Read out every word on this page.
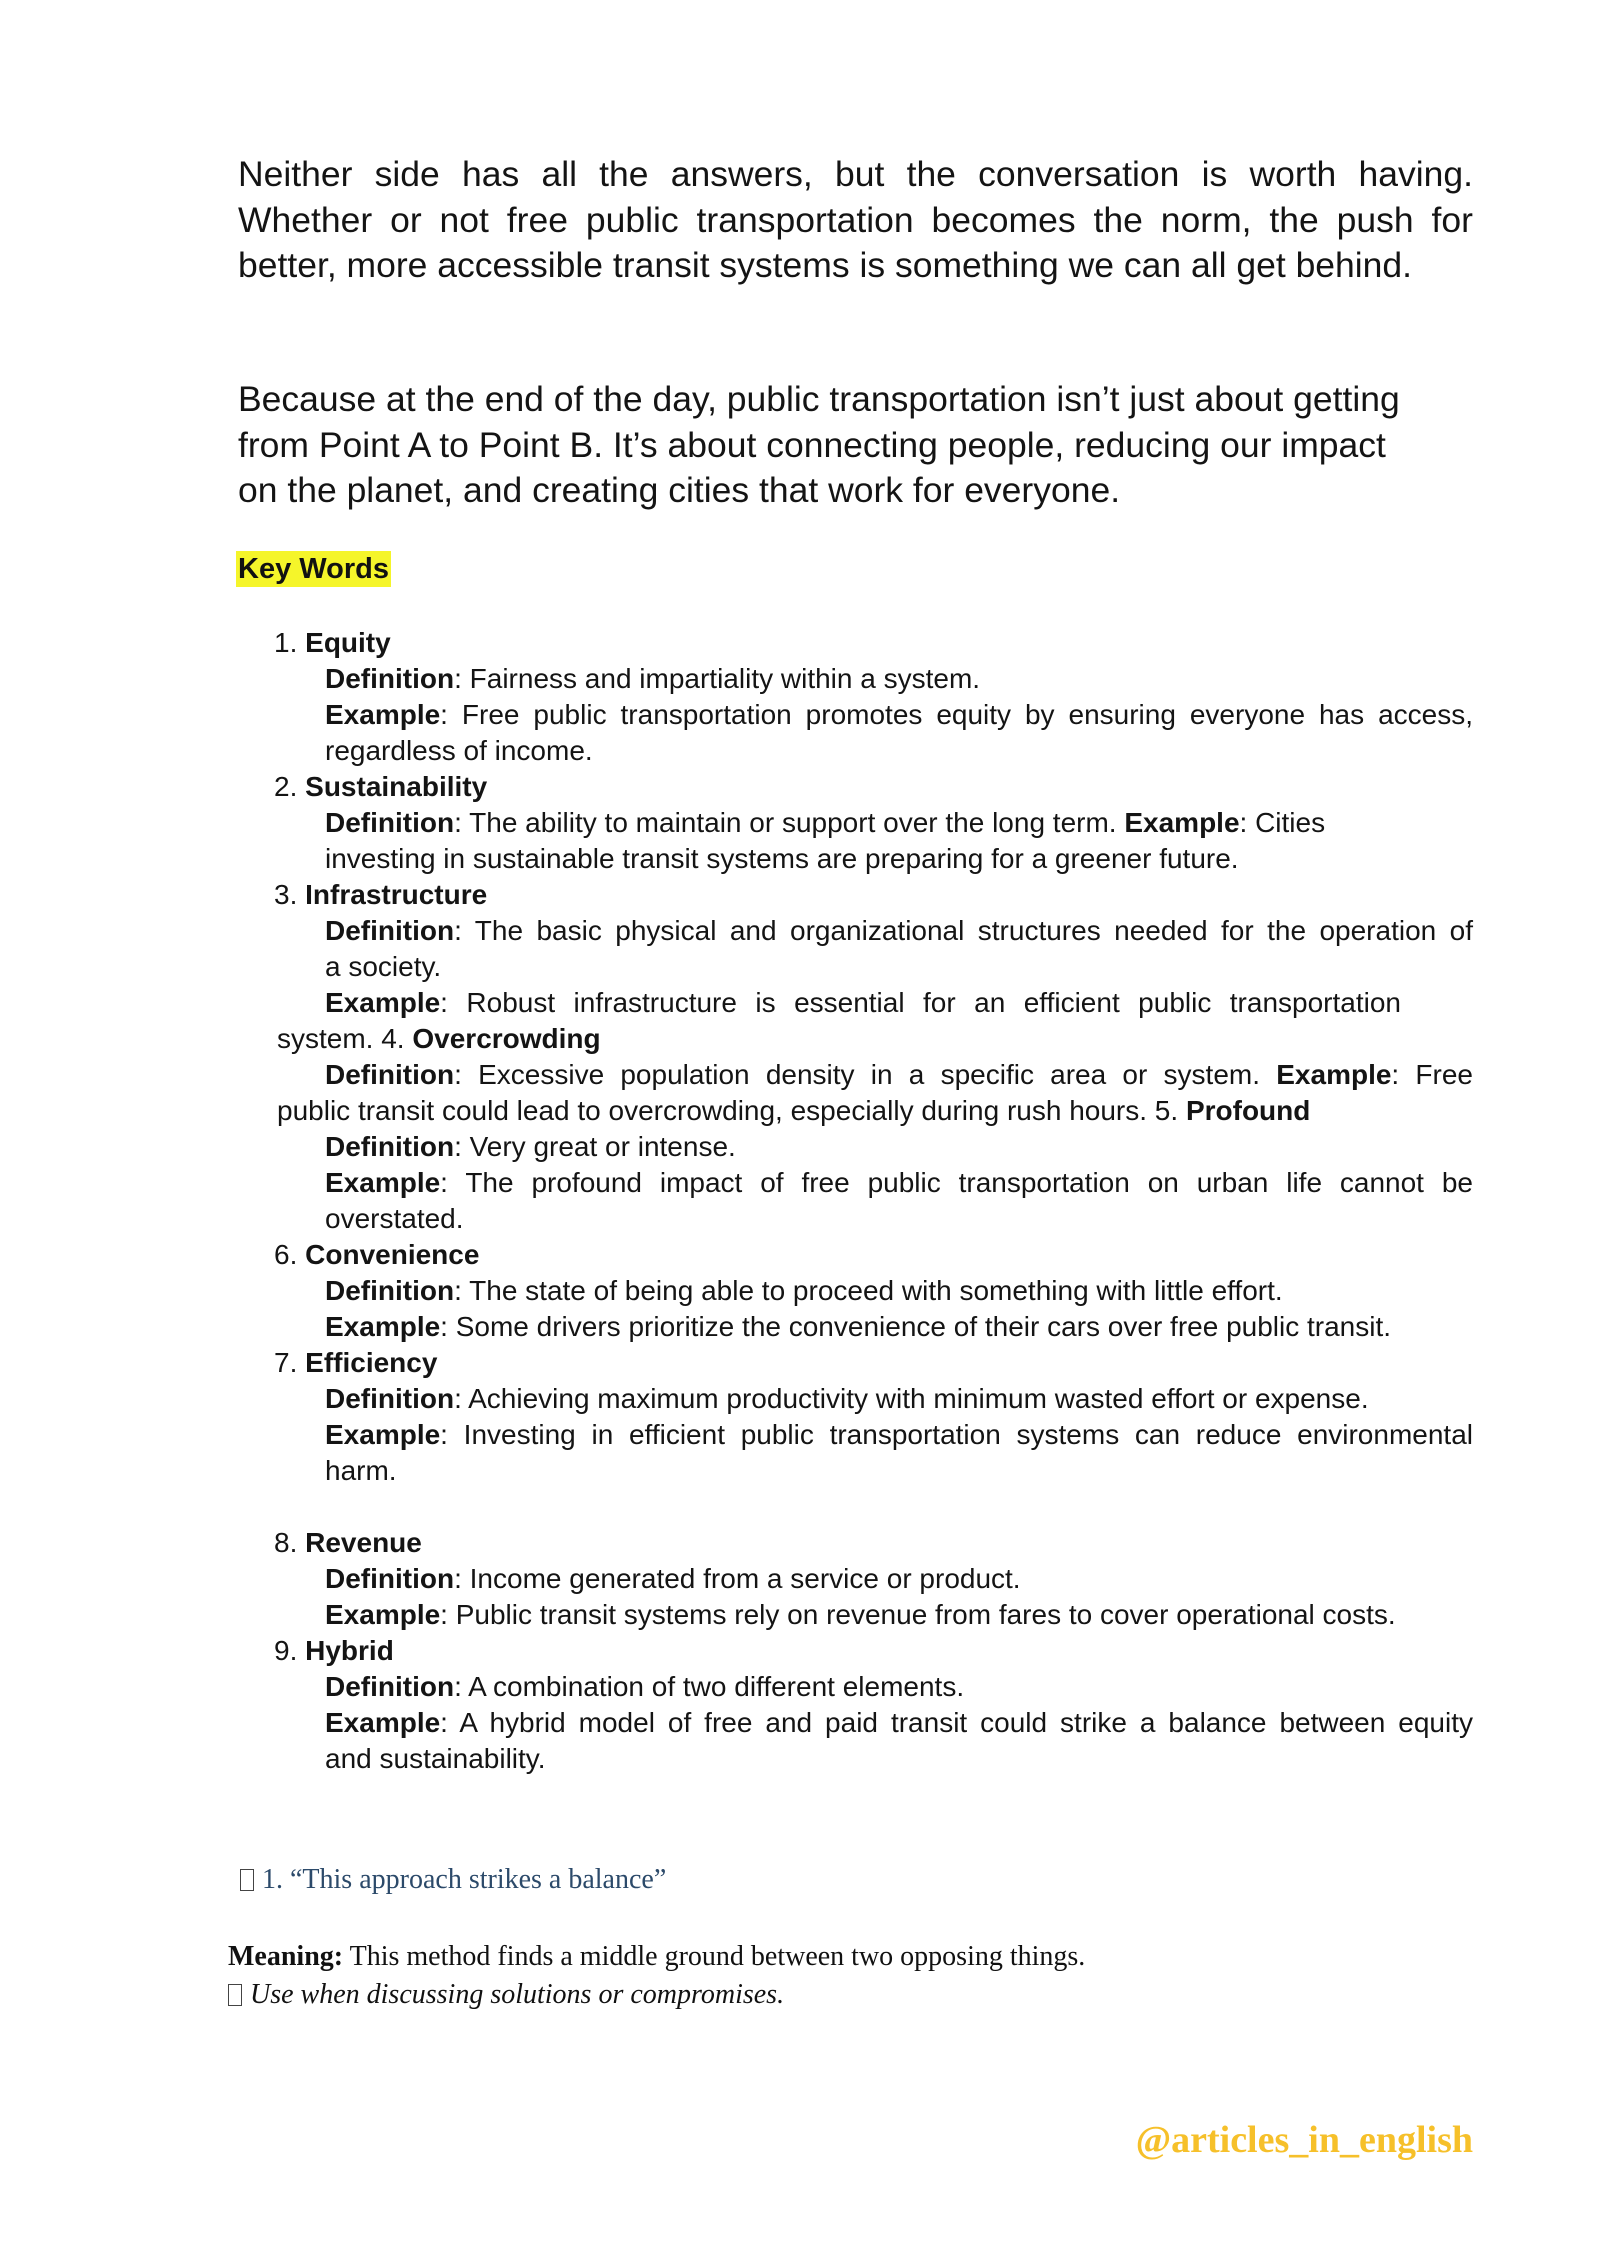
Neither side has all the answers, but the conversation is worth having. Whether or not free public transportation becomes the norm, the push for better, more accessible transit systems is something we can all get behind.

Because at the end of the day, public transportation isn’t just about getting
from Point A to Point B. It’s about connecting people, reducing our impact
on the planet, and creating cities that work for everyone.
Key Words
1. Equity
Definition: Fairness and impartiality within a system.
Example: Free public transportation promotes equity by ensuring everyone has access,
regardless of income.
2. Sustainability
Definition: The ability to maintain or support over the long term. Example: Cities
investing in sustainable transit systems are preparing for a greener future.
3. Infrastructure
Definition: The basic physical and organizational structures needed for the operation of
a society.
Example: Robust infrastructure is essential for an efficient public transportation
system. 4. Overcrowding
Definition: Excessive population density in a specific area or system. Example: Free
public transit could lead to overcrowding, especially during rush hours. 5. Profound
Definition: Very great or intense.
Example: The profound impact of free public transportation on urban life cannot be
overstated.
6. Convenience
Definition: The state of being able to proceed with something with little effort.
Example: Some drivers prioritize the convenience of their cars over free public transit.
7. Efficiency
Definition: Achieving maximum productivity with minimum wasted effort or expense.
Example: Investing in efficient public transportation systems can reduce environmental
harm.
8. Revenue
Definition: Income generated from a service or product.
Example: Public transit systems rely on revenue from fares to cover operational costs.
9. Hybrid
Definition: A combination of two different elements.
Example: A hybrid model of free and paid transit could strike a balance between equity
and sustainability.
1. “This approach strikes a balance”
Meaning: This method finds a middle ground between two opposing things.
Use when discussing solutions or compromises.
@articles_in_english
